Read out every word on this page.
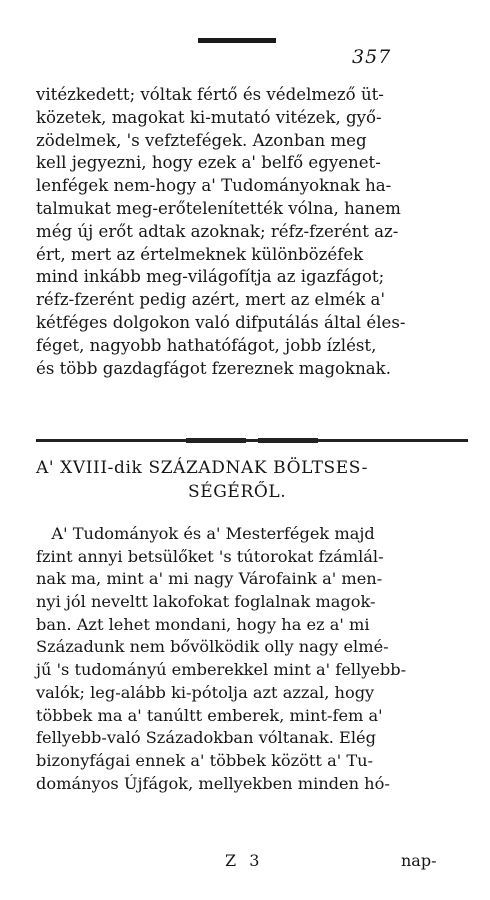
357
vitézkedett; vóltak fértő és védelmező üt-
közetek, magokat ki-mutató vitézek, győ-
zödelmek, 's vefztefégek. Azonban meg
kell jegyezni, hogy ezek a' belfő egyenet-
lenfégek nem-hogy a' Tudományoknak ha-
talmukat meg-erőtelenítették vólna, hanem
még új erőt adtak azoknak; réfz-fzerént az-
ért, mert az értelmeknek különbözéfek
mind inkább meg-világofítja az igazfágot;
réfz-fzerént pedig azért, mert az elmék a'
kétféges dolgokon való difputálás által éles-
féget, nagyobb hathatófágot, jobb ízlést,
és több gazdagfágot fzereznek magoknak.
A' XVIII-dik SZÁZADNAK BÖLTSES-
SÉGÉRŐL.
A' Tudományok és a' Mesterfégek majd
fzint annyi betsülőket 's tútorokat fzámlál-
nak ma, mint a' mi nagy Várofaink a' men-
nyi jól neveltt lakofokat foglalnak magok-
ban. Azt lehet mondani, hogy ha ez a' mi
Századunk nem bővölködik olly nagy elmé-
jű 's tudományú emberekkel mint a' fellyebb-
valók; leg-alább ki-pótolja azt azzal, hogy
többek ma a' tanúltt emberek, mint-fem a'
fellyebb-való Századokban vóltanak. Elég
bizonyfágai ennek a' többek között a' Tu-
dományos Újfágok, mellyekben minden hó-
Z 3	nap-
